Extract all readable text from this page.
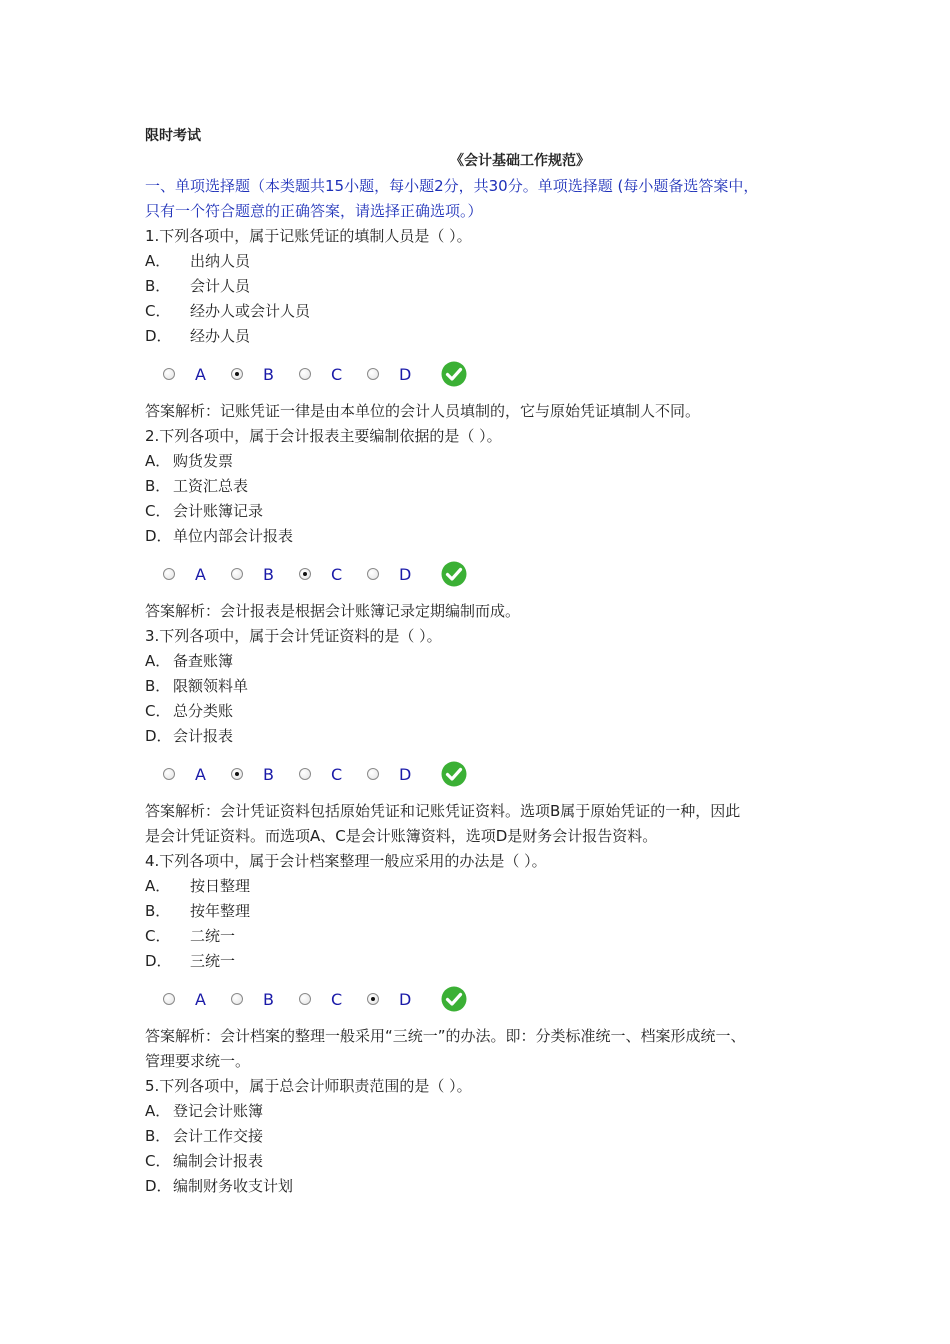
限时考试
《会计基础工作规范》
一、单项选择题（本类题共15小题，每小题2分，共30分。单项选择题 (每小题备选答案中，
只有一个符合题意的正确答案，请选择正确选项。）
1.下列各项中，属于记账凭证的填制人员是（ ）。
A．	出纳人员
B．	会计人员
C．	经办人或会计人员
D．	经办人员
A	B	C	D
答案解析：记账凭证一律是由本单位的会计人员填制的，它与原始凭证填制人不同。
2.下列各项中，属于会计报表主要编制依据的是（ ）。
A． 购货发票
B． 工资汇总表
C． 会计账簿记录
D． 单位内部会计报表
A	B	C	D
答案解析：会计报表是根据会计账簿记录定期编制而成。
3.下列各项中，属于会计凭证资料的是（ ）。
A． 备查账簿
B． 限额领料单
C． 总分类账
D． 会计报表
A	B	C	D
答案解析：会计凭证资料包括原始凭证和记账凭证资料。选项B属于原始凭证的一种，因此
是会计凭证资料。而选项A、C是会计账簿资料，选项D是财务会计报告资料。
4.下列各项中，属于会计档案整理一般应采用的办法是（ ）。
A．	按日整理
B．	按年整理
C．	二统一
D．	三统一
A	B	C	D
答案解析：会计档案的整理一般采用“三统一”的办法。即：分类标准统一、档案形成统一、
管理要求统一。
5.下列各项中，属于总会计师职责范围的是（ ）。
A． 登记会计账簿
B． 会计工作交接
C． 编制会计报表
D． 编制财务收支计划
